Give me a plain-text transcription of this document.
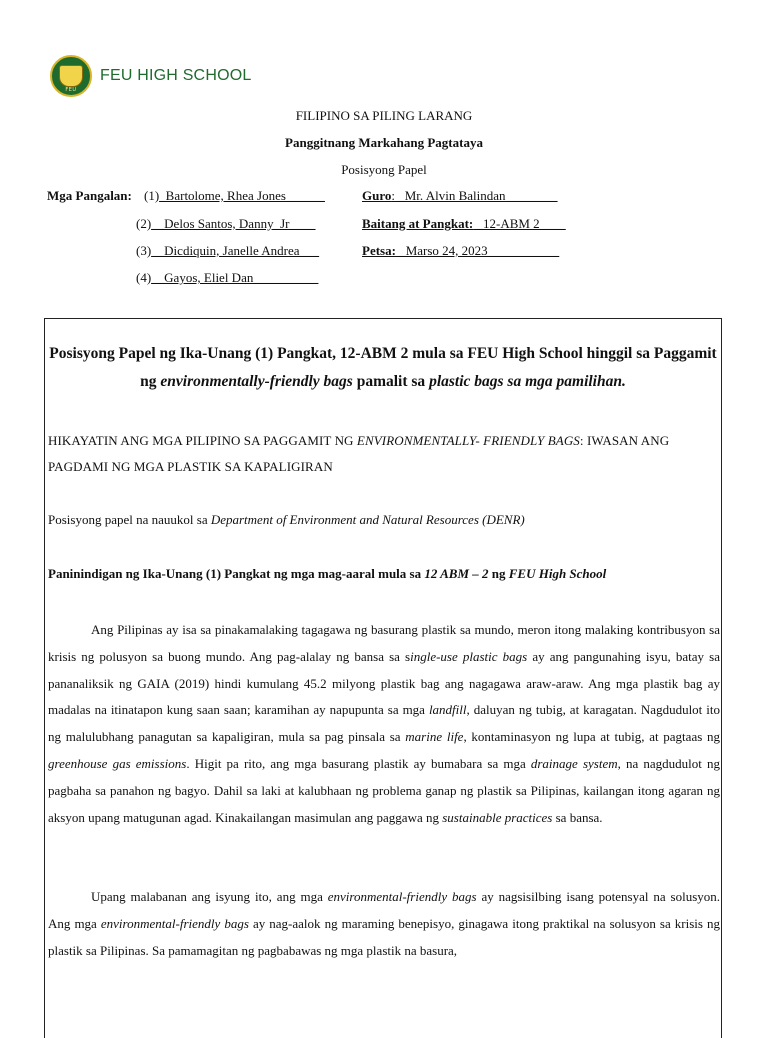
FEU
FEU HIGH SCHOOL
FILIPINO SA PILING LARANG
Panggitnang Markahang Pagtataya
Posisyong Papel
Mga Pangalan: (1)_Bartolome, Rhea Jones______
(2)__Delos Santos, Danny_Jr____
(3)__Dicdiquin, Janelle Andrea___
(4)__Gayos, Eliel Dan__________
Guro: _Mr. Alvin Balindan________
Baitang at Pangkat: _12-ABM 2____
Petsa: _Marso 24, 2023___________
Posisyong Papel ng Ika-Unang (1) Pangkat, 12-ABM 2 mula sa FEU High School hinggil sa Paggamit ng environmentally-friendly bags pamalit sa plastic bags sa mga pamilihan.
HIKAYATIN ANG MGA PILIPINO SA PAGGAMIT NG ENVIRONMENTALLY- FRIENDLY BAGS: IWASAN ANG PAGDAMI NG MGA PLASTIK SA KAPALIGIRAN
Posisyong papel na nauukol sa Department of Environment and Natural Resources (DENR)
Paninindigan ng Ika-Unang (1) Pangkat ng mga mag-aaral mula sa 12 ABM – 2 ng FEU High School

Ang Pilipinas ay isa sa pinakamalaking tagagawa ng basurang plastik sa mundo, meron itong malaking kontribusyon sa krisis ng polusyon sa buong mundo. Ang pag-alalay ng bansa sa single-use plastic bags ay ang pangunahing isyu, batay sa pananaliksik ng GAIA (2019) hindi kumulang 45.2 milyong plastik bag ang nagagawa araw-araw. Ang mga plastik bag ay madalas na itinatapon kung saan saan; karamihan ay napupunta sa mga landfill, daluyan ng tubig, at karagatan. Nagdudulot ito ng malulubhang panagutan sa kapaligiran, mula sa pag pinsala sa marine life, kontaminasyon ng lupa at tubig, at pagtaas ng greenhouse gas emissions. Higit pa rito, ang mga basurang plastik ay bumabara sa mga drainage system, na nagdudulot ng pagbaha sa panahon ng bagyo. Dahil sa laki at kalubhaan ng problema ganap ng plastik sa Pilipinas, kailangan itong agaran ng aksyon upang matugunan agad. Kinakailangan masimulan ang paggawa ng sustainable practices sa bansa.

Upang malabanan ang isyung ito, ang mga environmental-friendly bags ay nagsisilbing isang potensyal na solusyon. Ang mga environmental-friendly bags ay nag-aalok ng maraming benepisyo, ginagawa itong praktikal na solusyon sa krisis ng plastik sa Pilipinas. Sa pamamagitan ng pagbabawas ng mga plastik na basura,
